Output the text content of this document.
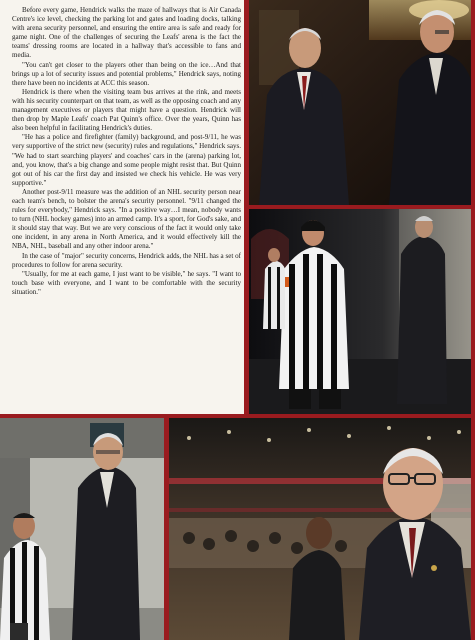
Before every game, Hendrick walks the maze of hallways that is Air Canada Centre's ice level, checking the parking lot and gates and loading docks, talking with arena security personnel, and ensuring the entire area is safe and ready for game night. One of the challenges of securing the Leafs' arena is the fact the teams' dressing rooms are located in a hallway that's accessible to fans and media.

"You can't get closer to the players other than being on the ice…And that brings up a lot of security issues and potential problems," Hendrick says, noting there have been no incidents at ACC this season.

Hendrick is there when the visiting team bus arrives at the rink, and meets with his security counterpart on that team, as well as the opposing coach and any management executives or players that might have a question. Hendrick will then drop by Maple Leafs' coach Pat Quinn's office. Over the years, Quinn has also been helpful in facilitating Hendrick's duties.

"He has a police and firefighter (family) background, and post-9/11, he was very supportive of the strict new (security) rules and regulations," Hendrick says. "We had to start searching players' and coaches' cars in the (arena) parking lot, and, you know, that's a big change and some people might resist that. But Quinn got out of his car the first day and insisted we check his vehicle. He was very supportive."

Another post-9/11 measure was the addition of an NHL security person near each team's bench, to bolster the arena's security personnel. "9/11 changed the rules for everybody," Hendrick says. "In a positive way…I mean, nobody wants to turn (NHL hockey games) into an armed camp. It's a sport, for God's sake, and it should stay that way. But we are very conscious of the fact it would only take one incident, in any arena in North America, and it would effectively kill the NBA, NHL, baseball and any other indoor arena."

In the case of "major" security concerns, Hendrick adds, the NHL has a set of procedures to follow for arena security.

"Usually, for me at each game, I just want to be visible," he says. "I want to touch base with everyone, and I want to be comfortable with the security situation."
